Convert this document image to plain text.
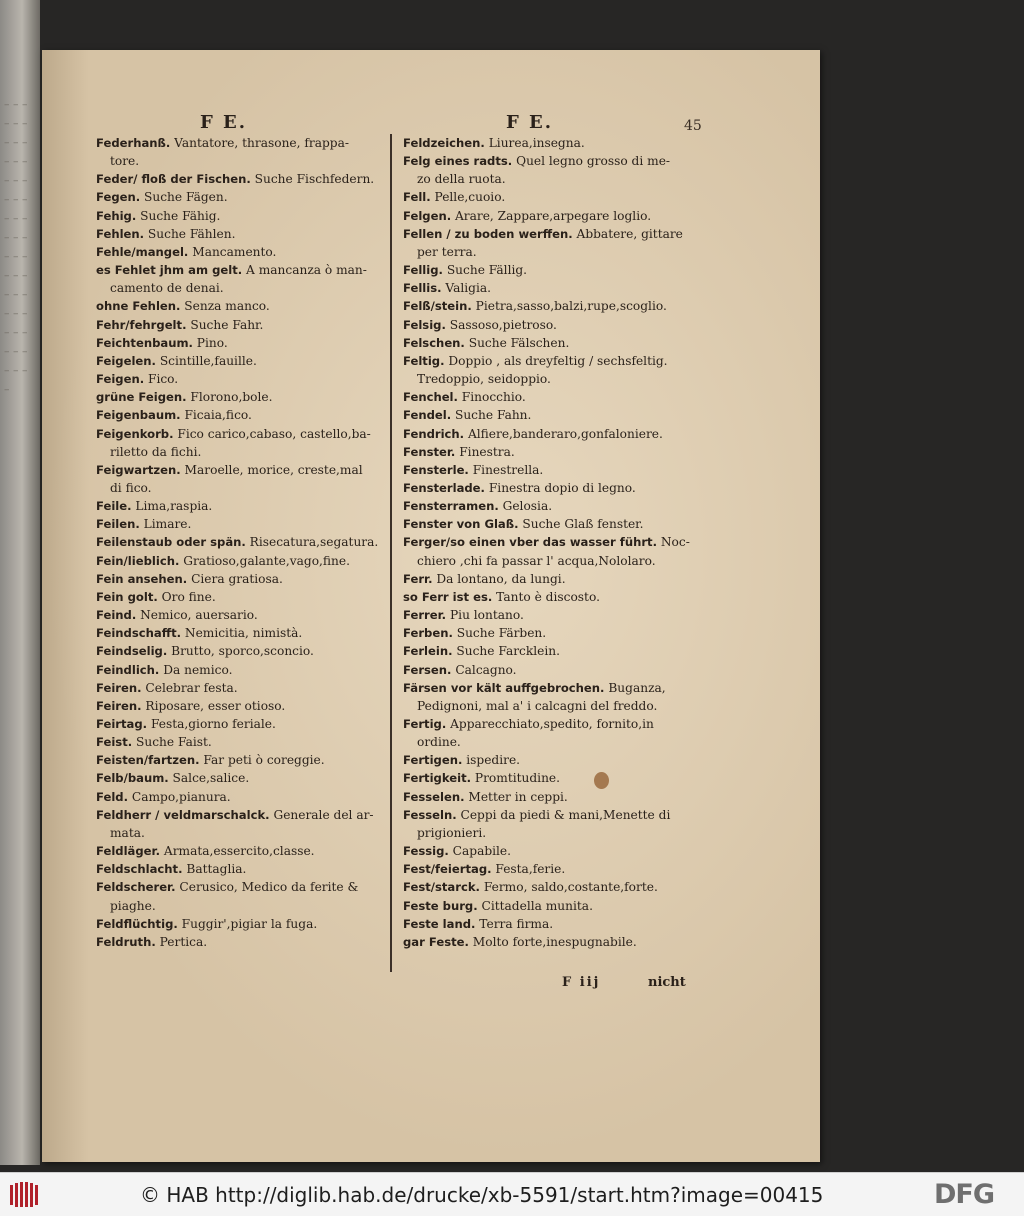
– – – – – – – – – – – – – – – – – – – – – – – – – – – – – – – – – – – – – – – – – – – – – –
F E.	F E.	45
Federhanß. Vantatore, thrasone, frappa-
tore.
Feder/ floß der Fischen. Suche Fischfedern.
Fegen. Suche Fägen.
Fehig. Suche Fähig.
Fehlen. Suche Fählen.
Fehle/mangel. Mancamento.
es Fehlet jhm am gelt. A mancanza ò man-
camento de denai.
ohne Fehlen. Senza manco.
Fehr/fehrgelt. Suche Fahr.
Feichtenbaum. Pino.
Feigelen. Scintille,fauille.
Feigen. Fico.
grüne Feigen. Florono,bole.
Feigenbaum. Ficaia,fico.
Feigenkorb. Fico carico,cabaso, castello,ba-
riletto da fichi.
Feigwartzen. Maroelle, morice, creste,mal
di fico.
Feile. Lima,raspia.
Feilen. Limare.
Feilenstaub oder spän. Risecatura,segatura.
Fein/lieblich. Gratioso,galante,vago,fine.
Fein ansehen. Ciera gratiosa.
Fein golt. Oro fine.
Feind. Nemico, auersario.
Feindschafft. Nemicitia, nimistà.
Feindselig. Brutto, sporco,sconcio.
Feindlich. Da nemico.
Feiren. Celebrar festa.
Feiren. Riposare, esser otioso.
Feirtag. Festa,giorno feriale.
Feist. Suche Faist.
Feisten/fartzen. Far peti ò coreggie.
Felb/baum. Salce,salice.
Feld. Campo,pianura.
Feldherr / veldmarschalck. Generale del ar-
mata.
Feldläger. Armata,essercito,classe.
Feldschlacht. Battaglia.
Feldscherer. Cerusico, Medico da ferite &
piaghe.
Feldflüchtig. Fuggir',pigiar la fuga.
Feldruth. Pertica.
Feldzeichen. Liurea,insegna.
Felg eines radts. Quel legno grosso di me-
zo della ruota.
Fell. Pelle,cuoio.
Felgen. Arare, Zappare,arpegare loglio.
Fellen / zu boden werffen. Abbatere, gittare
per terra.
Fellig. Suche Fällig.
Fellis. Valigia.
Felß/stein. Pietra,sasso,balzi,rupe,scoglio.
Felsig. Sassoso,pietroso.
Felschen. Suche Fälschen.
Feltig. Doppio , als dreyfeltig / sechsfeltig.
Tredoppio, seidoppio.
Fenchel. Finocchio.
Fendel. Suche Fahn.
Fendrich. Alfiere,banderaro,gonfaloniere.
Fenster. Finestra.
Fensterle. Finestrella.
Fensterlade. Finestra dopio di legno.
Fensterramen. Gelosia.
Fenster von Glaß. Suche Glaß fenster.
Ferger/so einen vber das wasser führt. Noc-
chiero ,chi fa passar l' acqua,Nololaro.
Ferr. Da lontano, da lungi.
so Ferr ist es. Tanto è discosto.
Ferrer. Piu lontano.
Ferben. Suche Färben.
Ferlein. Suche Farcklein.
Fersen. Calcagno.
Färsen vor kält auffgebrochen. Buganza,
Pedignoni, mal a' i calcagni del freddo.
Fertig. Apparecchiato,spedito, fornito,in
ordine.
Fertigen. ispedire.
Fertigkeit. Promtitudine.
Fesselen. Metter in ceppi.
Fesseln. Ceppi da piedi & mani,Menette di
prigionieri.
Fessig. Capabile.
Fest/feiertag. Festa,ferie.
Fest/starck. Fermo, saldo,costante,forte.
Feste burg. Cittadella munita.
Feste land. Terra firma.
gar Feste. Molto forte,inespugnabile.
F iij	nicht
© HAB http://diglib.hab.de/drucke/xb-5591/start.htm?image=00415	DFG
